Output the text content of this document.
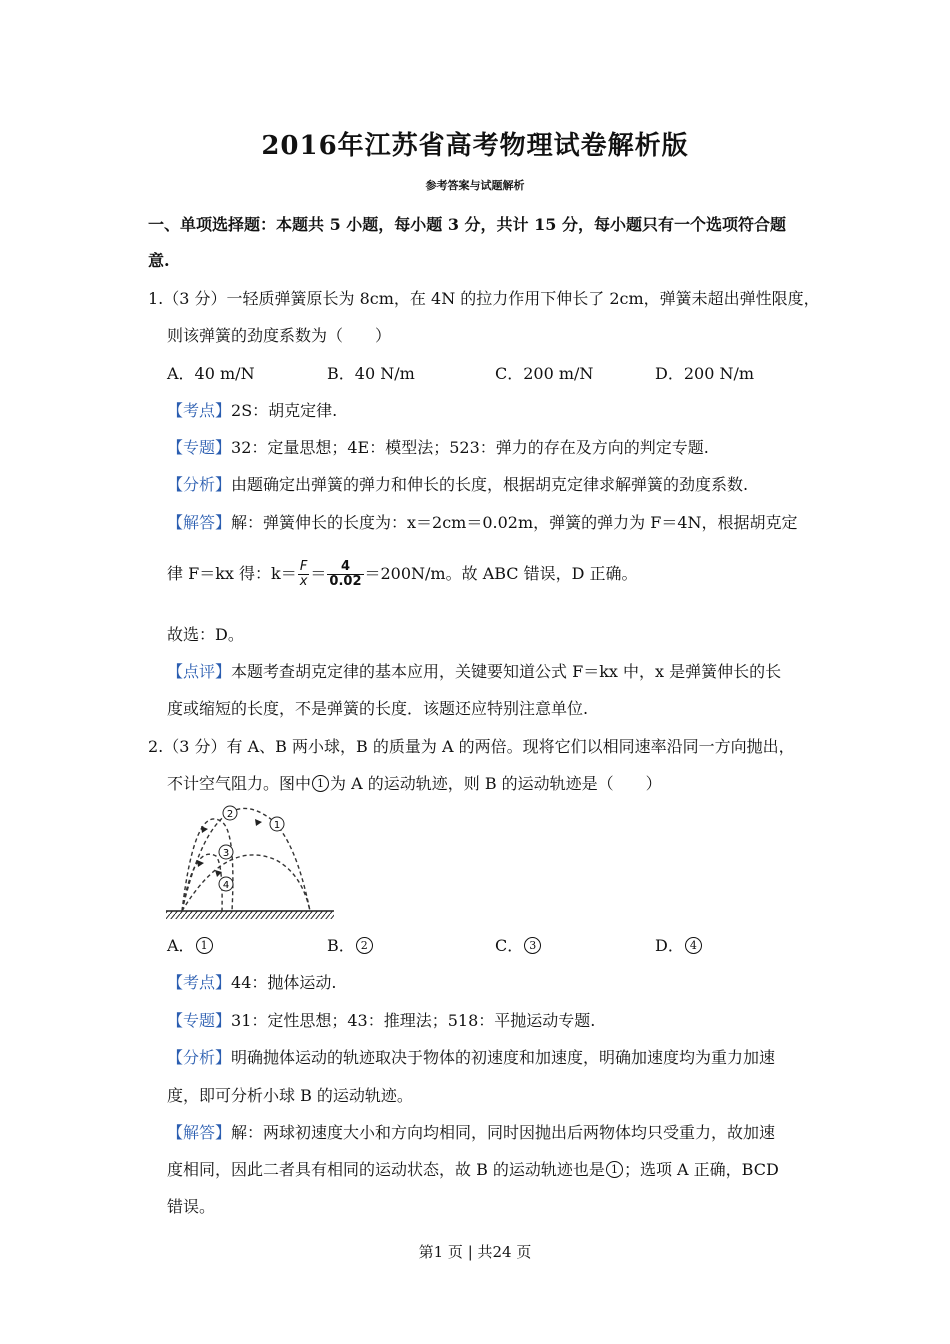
2016年江苏省高考物理试卷解析版
参考答案与试题解析
一、单项选择题：本题共 5 小题，每小题 3 分，共计 15 分，每小题只有一个选项符合题
意.
1.（3 分）一轻质弹簧原长为 8cm，在 4N 的拉力作用下伸长了 2cm，弹簧未超出弹性限度，
则该弹簧的劲度系数为（　　）
A．40 m/N	B．40 N/m	C．200 m/N	D．200 N/m
【考点】2S：胡克定律.
【专题】32：定量思想；4E：模型法；523：弹力的存在及方向的判定专题.
【分析】由题确定出弹簧的弹力和伸长的长度，根据胡克定律求解弹簧的劲度系数.
【解答】解：弹簧伸长的长度为：x＝2cm＝0.02m，弹簧的弹力为 F＝4N，根据胡克定
律 F＝kx 得：$k= \frac{F}{x} = \frac{4}{0.02} =200N/m$。故 ABC 错误，D 正确。
故选：D。
【点评】本题考查胡克定律的基本应用，关键要知道公式 F＝kx 中，x 是弹簧伸长的长
度或缩短的长度，不是弹簧的长度．该题还应特别注意单位.
2.（3 分）有 A、B 两小球，B 的质量为 A 的两倍。现将它们以相同速率沿同一方向抛出，
不计空气阻力。图中 1 为 A 的运动轨迹，则 B 的运动轨迹是（　　）
2
1
3
4
A． 1	B． 2	C． 3	D． 4
【考点】44：抛体运动.
【专题】31：定性思想；43：推理法；518：平抛运动专题.
【分析】明确抛体运动的轨迹取决于物体的初速度和加速度，明确加速度均为重力加速
度，即可分析小球 B 的运动轨迹。
【解答】解：两球初速度大小和方向均相同，同时因抛出后两物体均只受重力，故加速
度相同，因此二者具有相同的运动状态，故 B 的运动轨迹也是 1 ；选项 A 正确，BCD
错误。
第1 页 | 共24 页
